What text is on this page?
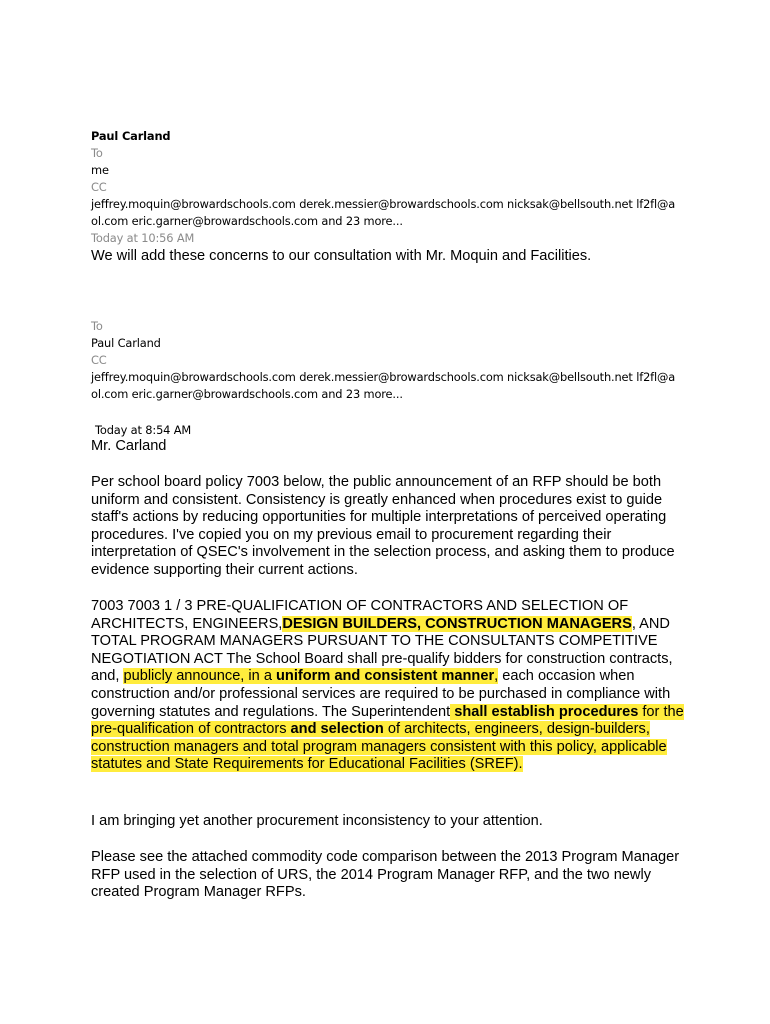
Paul Carland
To
me
CC
jeffrey.moquin@browardschools.com derek.messier@browardschools.com nicksak@bellsouth.net lf2fl@a
ol.com eric.garner@browardschools.com and 23 more...
Today at 10:56 AM
We will add these concerns to our consultation with Mr. Moquin and Facilities.
To
Paul Carland
CC
jeffrey.moquin@browardschools.com derek.messier@browardschools.com nicksak@bellsouth.net lf2fl@a
ol.com eric.garner@browardschools.com and 23 more...
Today at 8:54 AM
Mr. Carland

Per school board policy 7003 below, the public announcement of an RFP should be both uniform and consistent. Consistency is greatly enhanced when procedures exist to guide staff's actions by reducing opportunities for multiple interpretations of perceived operating procedures. I've copied you on my previous email to procurement regarding their interpretation of QSEC's involvement in the selection process, and asking them to produce evidence supporting their current actions.

7003 7003 1 / 3 PRE-QUALIFICATION OF CONTRACTORS AND SELECTION OF ARCHITECTS, ENGINEERS,DESIGN BUILDERS, CONSTRUCTION MANAGERS, AND TOTAL PROGRAM MANAGERS PURSUANT TO THE CONSULTANTS COMPETITIVE NEGOTIATION ACT The School Board shall pre-qualify bidders for construction contracts, and, publicly announce, in a uniform and consistent manner, each occasion when construction and/or professional services are required to be purchased in compliance with governing statutes and regulations. The Superintendent shall establish procedures for the pre-qualification of contractors and selection of architects, engineers, design-builders, construction managers and total program managers consistent with this policy, applicable statutes and State Requirements for Educational Facilities (SREF).

I am bringing yet another procurement inconsistency to your attention.

Please see the attached commodity code comparison between the 2013 Program Manager RFP used in the selection of URS, the 2014 Program Manager RFP, and the two newly created Program Manager RFPs.
